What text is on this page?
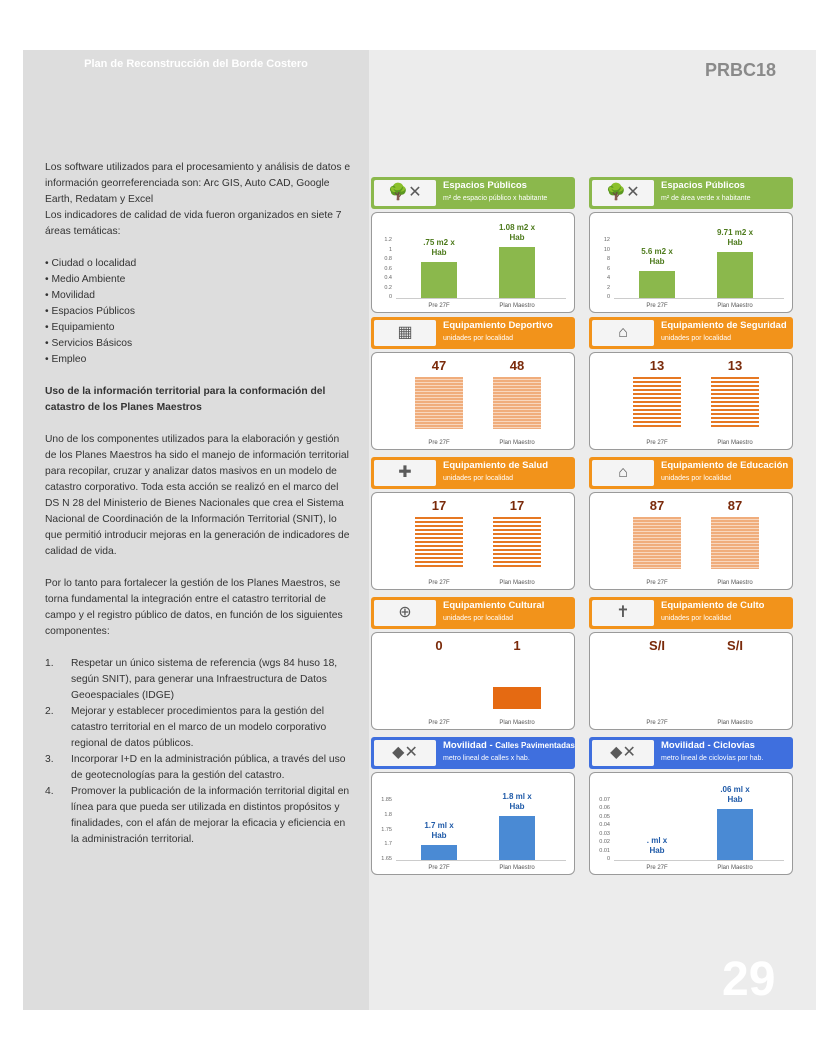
Plan de Reconstrucción del Borde Costero

Los software utilizados para el procesamiento y análisis de datos e información georreferenciada son: Arc GIS, Auto CAD, Google Earth, Redatam y Excel

Los indicadores de calidad de vida fueron organizados en siete 7 áreas temáticas:

• Ciudad o localidad
• Medio Ambiente
• Movilidad
• Espacios Públicos
• Equipamiento
• Servicios Básicos
• Empleo

Uso de la información territorial para la conformación del catastro de los Planes Maestros

Uno de los componentes utilizados para la elaboración y gestión de los Planes Maestros ha sido el manejo de información territorial para recopilar, cruzar y analizar datos masivos en un modelo de catastro corporativo. Toda esta acción se realizó en el marco del DS N 28 del Ministerio de Bienes Nacionales que crea el Sistema Nacional de Coordinación de la Información Territorial (SNIT), lo que permitió introducir mejoras en la generación de indicadores de calidad de vida.

Por lo tanto para fortalecer la gestión de los Planes Maestros, se torna fundamental la integración entre el catastro territorial de campo y el registro público de datos, en función de los siguientes componentes:

1. Respetar un único sistema de referencia (wgs 84 huso 18, según SNIT), para generar una Infraestructura de Datos Geoespaciales (IDGE)
2. Mejorar y establecer procedimientos para la gestión del catastro territorial en el marco de un modelo corporativo regional de datos públicos.
3. Incorporar I+D en la administración pública, a través del uso de geotecnologías para la gestión del catastro.
4. Promover la publicación de la información territorial digital en línea para que pueda ser utilizada en distintos propósitos y finalidades, con el afán de mejorar la eficacia y eficiencia en la administración territorial.
PRBC18
29
🌳✕	Espacios Públicos
m² de espacio público x habitante
Pre 27F	Plan Maestro
1.2
1
0.8
0.6
0.4
0.2
0
.75 m2 x
Hab
1.08 m2 x
Hab
🌳✕	Espacios Públicos
m² de área verde x habitante
Pre 27F	Plan Maestro
12
10
8
6
4
2
0
5.6 m2 x
Hab
9.71 m2 x
Hab
▦	Equipamiento Deportivo
unidades por localidad
Pre 27F	Plan Maestro
47	48
⌂	Equipamiento de Seguridad
unidades por localidad
Pre 27F	Plan Maestro
13	13
✚	Equipamiento de Salud
unidades por localidad
Pre 27F	Plan Maestro
17	17
⌂	Equipamiento de Educación
unidades por localidad
Pre 27F	Plan Maestro
87	87
⊕	Equipamiento Cultural
unidades por localidad
Pre 27F	Plan Maestro
0	1
✝	Equipamiento de Culto
unidades por localidad
Pre 27F	Plan Maestro
S/I	S/I
◆✕	Movilidad - Calles Pavimentadas
metro lineal de calles x hab.
Pre 27F	Plan Maestro
1.85
1.8
1.75
1.7
1.65
1.7 ml x
Hab
1.8 ml x
Hab
◆✕	Movilidad - Ciclovías
metro lineal de ciclovías por hab.
Pre 27F	Plan Maestro
0.07
0.06
0.05
0.04
0.03
0.02
0.01
0
. ml x
Hab
.06 ml x
Hab
